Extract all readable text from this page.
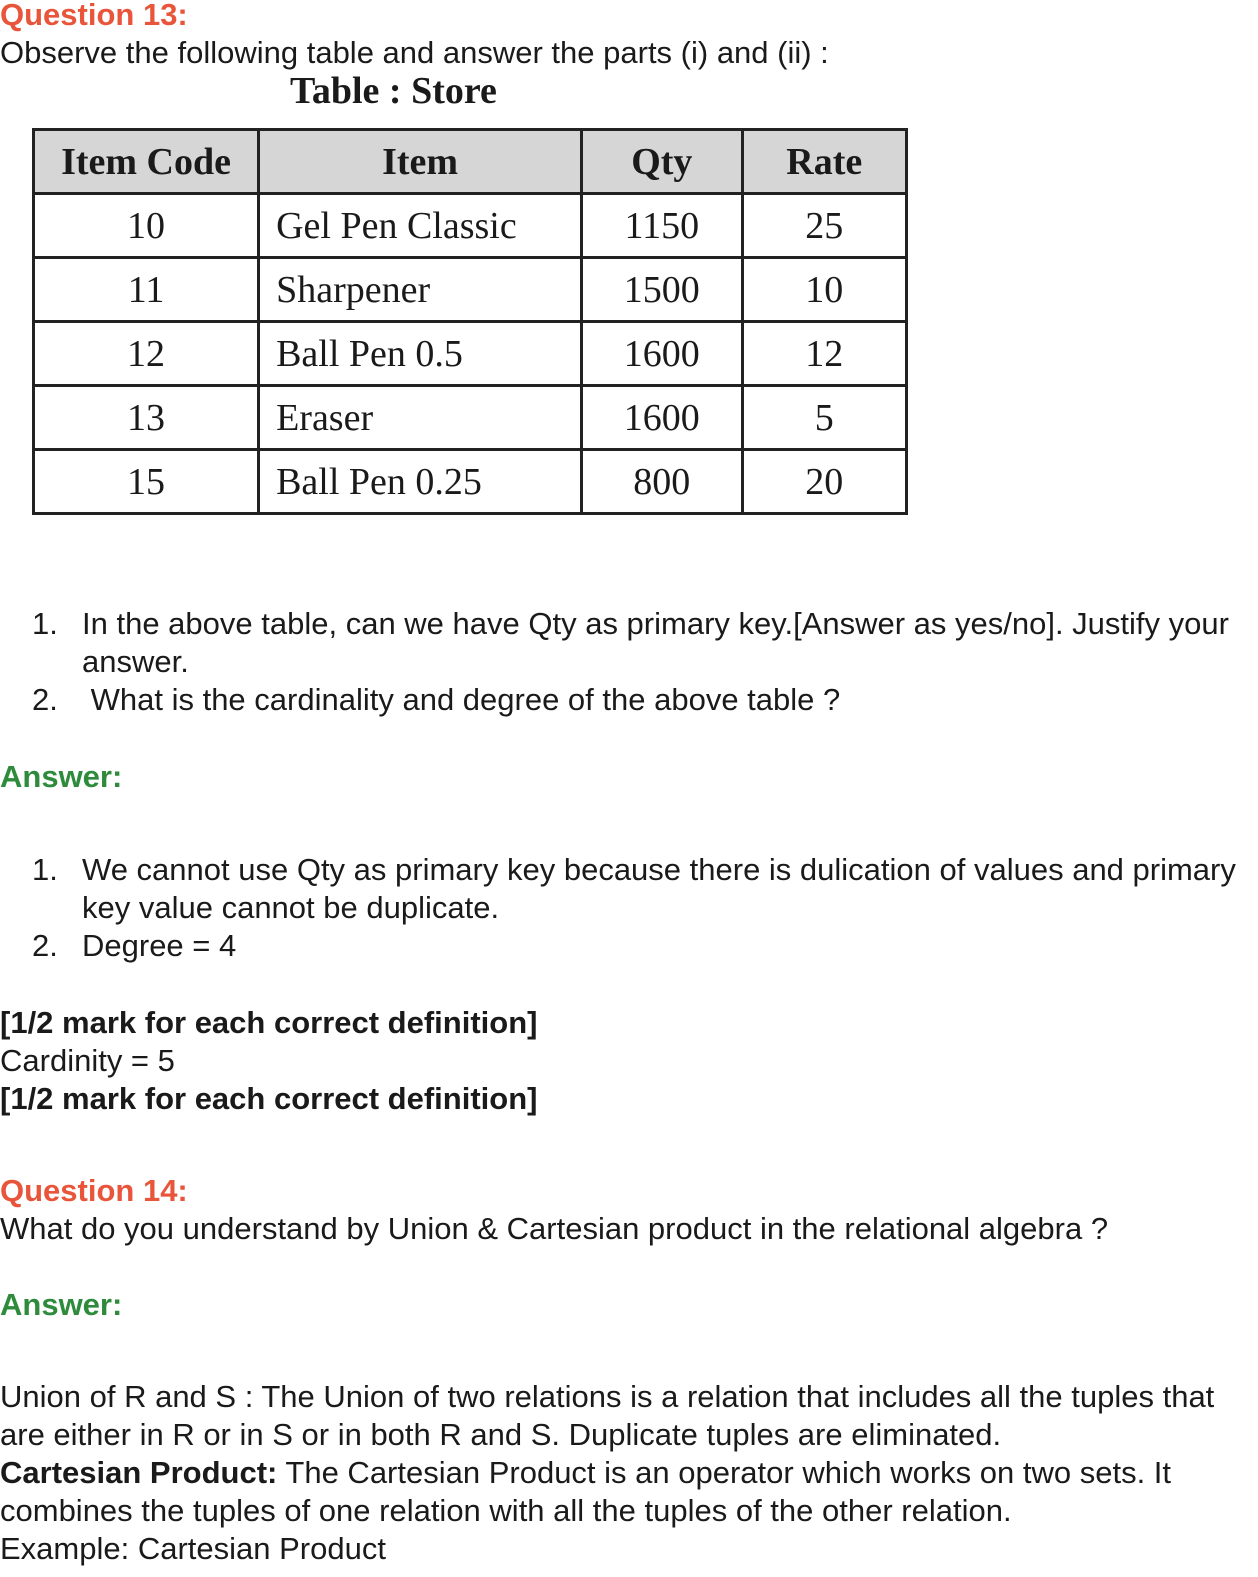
Question 13:
Observe the following table and answer the parts (i) and (ii) :
Table : Store
Item Code	Item	Qty	Rate
10	Gel Pen Classic	1150	25
11	Sharpener	1500	10
12	Ball Pen 0.5	1600	12
13	Eraser	1600	5
15	Ball Pen 0.25	800	20
1. In the above table, can we have Qty as primary key.[Answer as yes/no]. Justify your answer.
2. What is the cardinality and degree of the above table ?
Answer:
1. We cannot use Qty as primary key because there is dulication of values and primary key value cannot be duplicate.
2. Degree = 4
[1/2 mark for each correct definition]
Cardinity = 5
[1/2 mark for each correct definition]
Question 14:
What do you understand by Union & Cartesian product in the relational algebra ?
Answer:
Union of R and S : The Union of two relations is a relation that includes all the tuples that are either in R or in S or in both R and S. Duplicate tuples are eliminated.
Cartesian Product: The Cartesian Product is an operator which works on two sets. It combines the tuples of one relation with all the tuples of the other relation.
Example: Cartesian Product
